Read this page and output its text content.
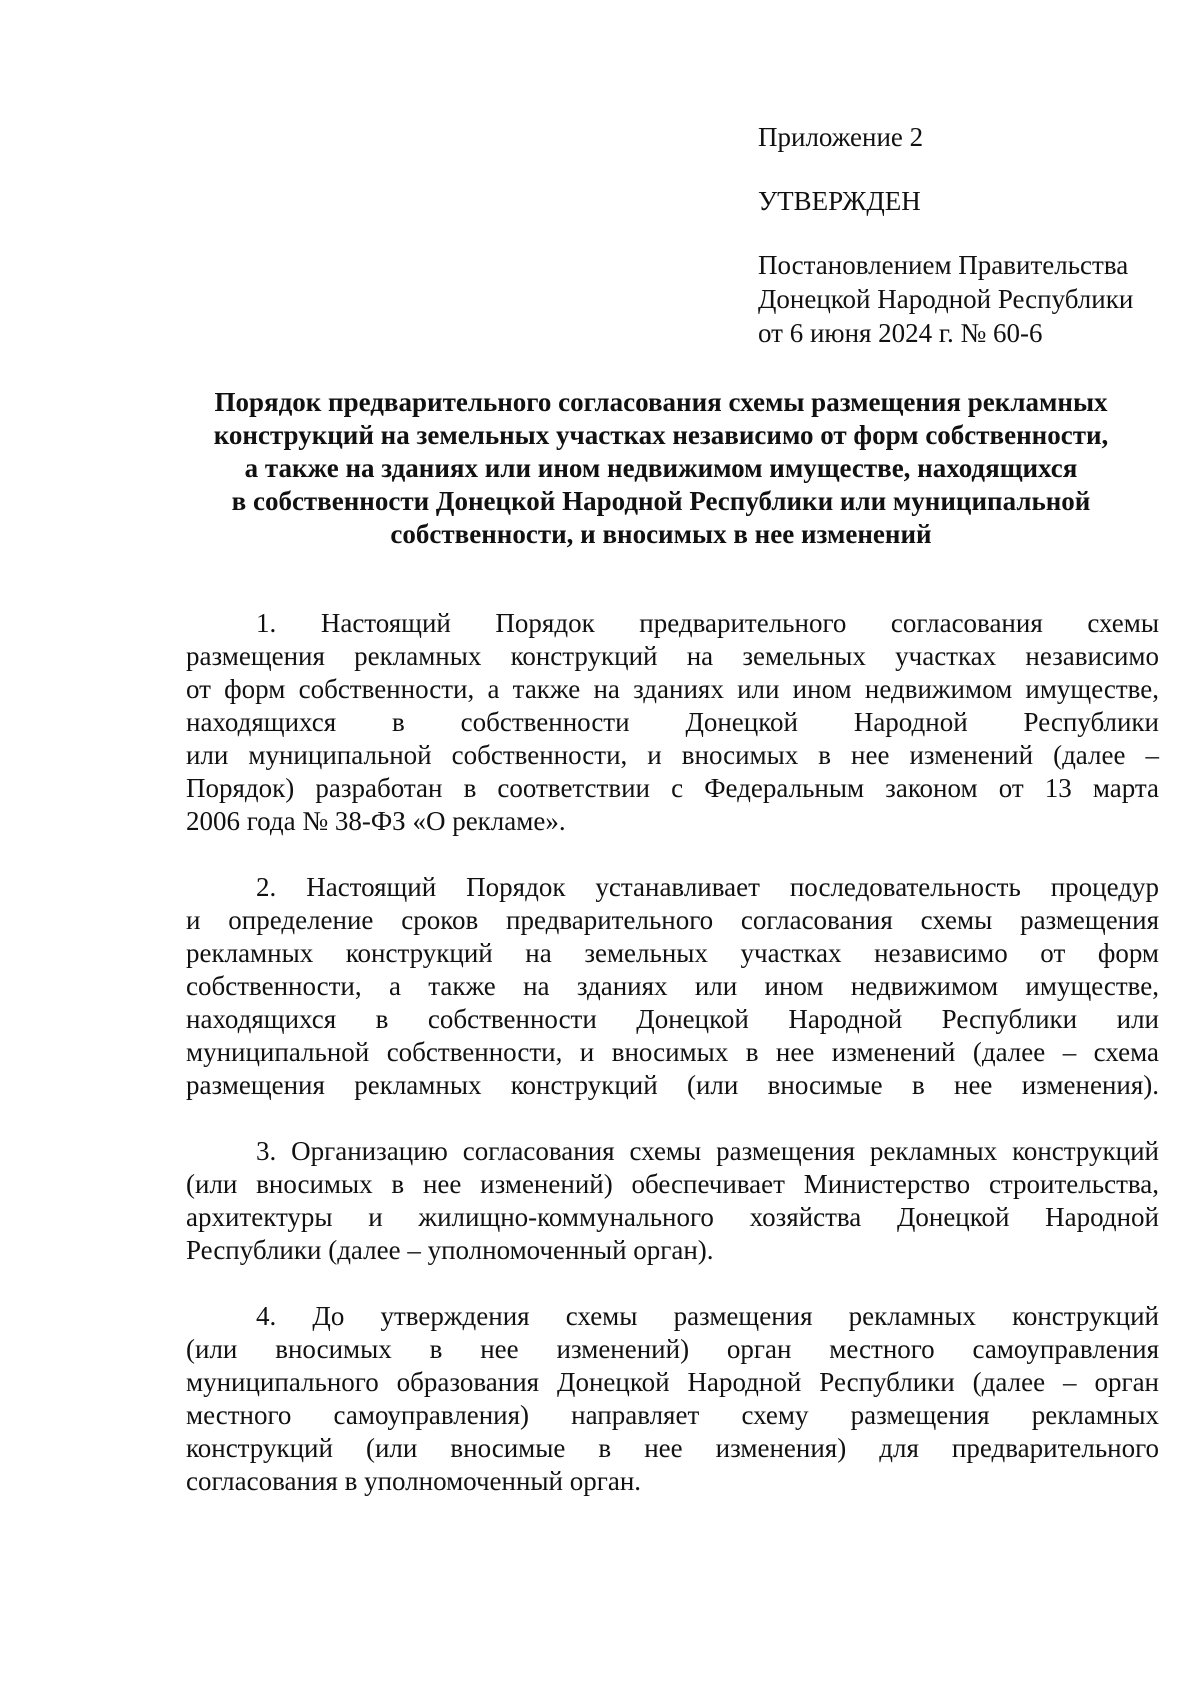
Приложение 2
УТВЕРЖДЕН
Постановлением Правительства
Донецкой Народной Республики
от 6 июня 2024 г. № 60-6
Порядок предварительного согласования схемы размещения рекламных
конструкций на земельных участках независимо от форм собственности,
а также на зданиях или ином недвижимом имуществе, находящихся
в собственности Донецкой Народной Республики или муниципальной
собственности, и вносимых в нее изменений
1. Настоящий Порядок предварительного согласования схемы
размещения рекламных конструкций на земельных участках независимо
от форм собственности, а также на зданиях или ином недвижимом имуществе,
находящихся в собственности Донецкой Народной Республики
или муниципальной собственности, и вносимых в нее изменений (далее –
Порядок) разработан в соответствии с Федеральным законом от 13 марта
2006 года № 38-ФЗ «О рекламе».
2. Настоящий Порядок устанавливает последовательность процедур
и определение сроков предварительного согласования схемы размещения
рекламных конструкций на земельных участках независимо от форм
собственности, а также на зданиях или ином недвижимом имуществе,
находящихся в собственности Донецкой Народной Республики или
муниципальной собственности, и вносимых в нее изменений (далее – схема
размещения рекламных конструкций (или вносимые в нее изменения).
3. Организацию согласования схемы размещения рекламных конструкций
(или вносимых в нее изменений) обеспечивает Министерство строительства,
архитектуры и жилищно-коммунального хозяйства Донецкой Народной
Республики (далее – уполномоченный орган).
4. До утверждения схемы размещения рекламных конструкций
(или вносимых в нее изменений) орган местного самоуправления
муниципального образования Донецкой Народной Республики (далее – орган
местного самоуправления) направляет схему размещения рекламных
конструкций (или вносимые в нее изменения) для предварительного
согласования в уполномоченный орган.
